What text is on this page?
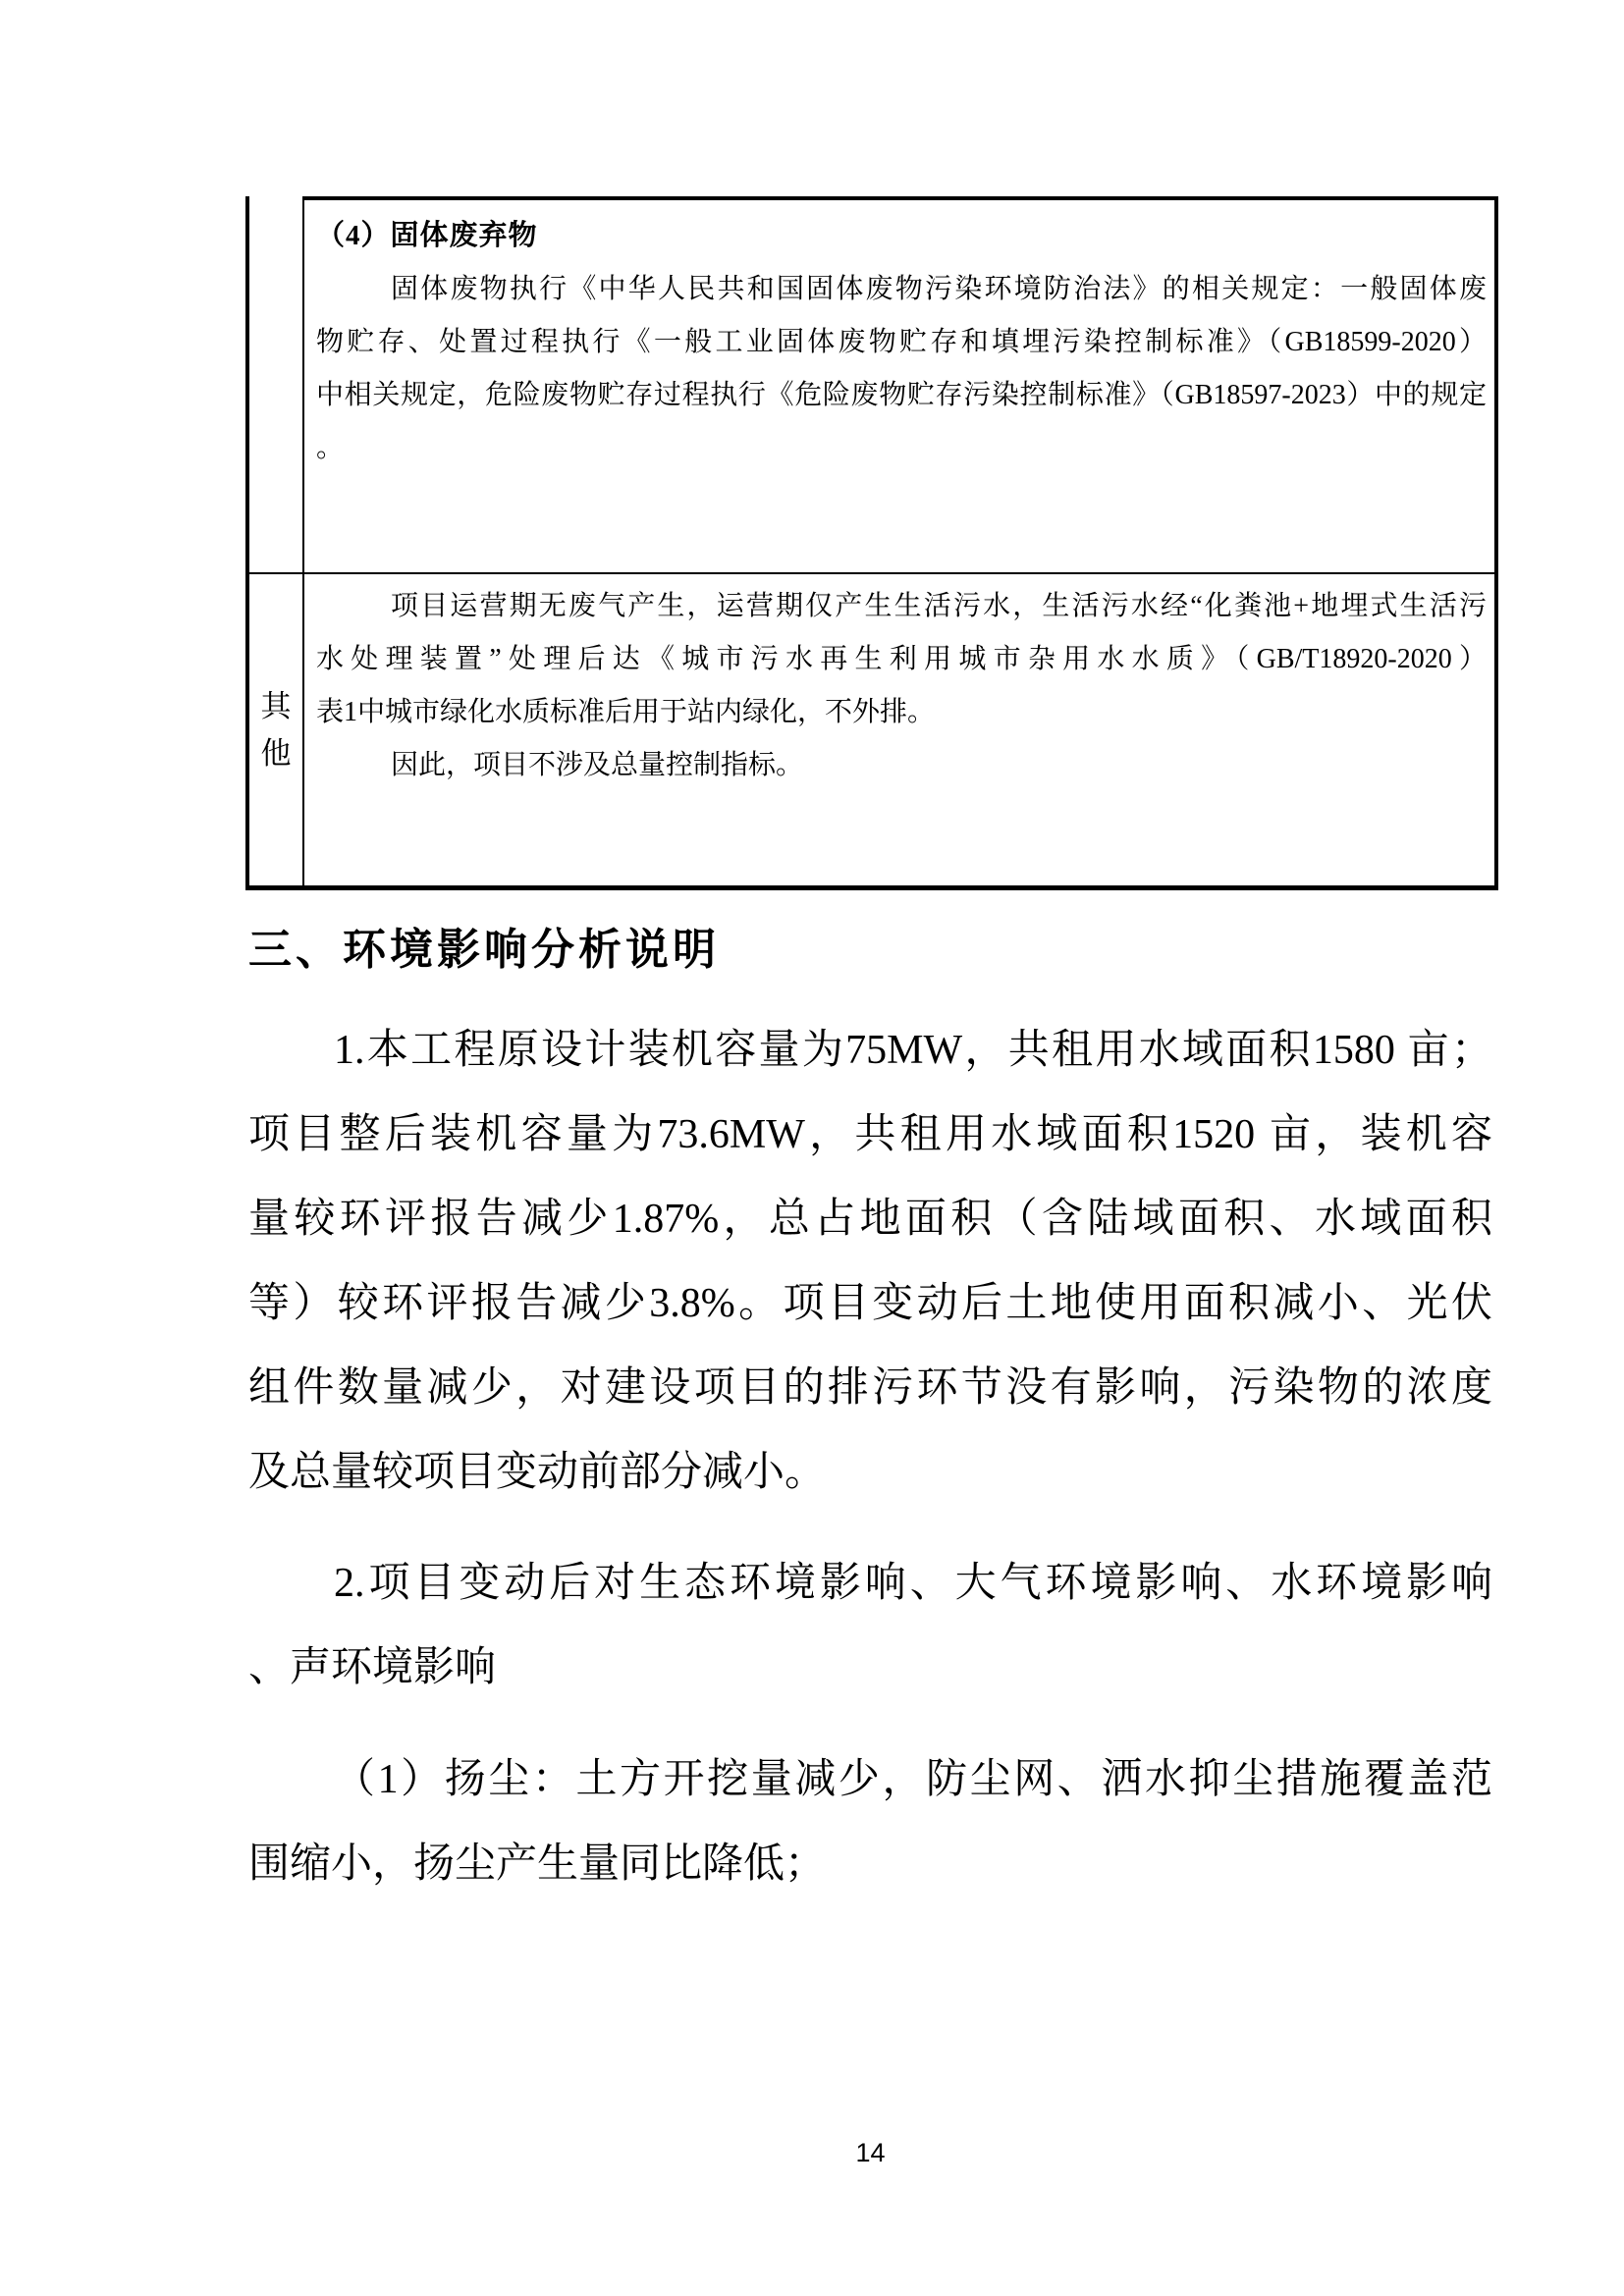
（4）固体废弃物
固体废物执行《中华人民共和国固体废物污染环境防治法》的相关规定：一般固体废
物贮存、处置过程执行《一般工业固体废物贮存和填埋污染控制标准》（GB18599-2020）
中相关规定，危险废物贮存过程执行《危险废物贮存污染控制标准》（GB18597-2023）中的规定
。
其他
项目运营期无废气产生，运营期仅产生生活污水，生活污水经“化粪池+地埋式生活污
水处理装置”处理后达《城市污水再生利用城市杂用水水质》（GB/T18920-2020）
表1中城市绿化水质标准后用于站内绿化，不外排。
因此，项目不涉及总量控制指标。
三、环境影响分析说明
1.本工程原设计装机容量为75MW，共租用水域面积1580 亩；
项目整后装机容量为73.6MW，共租用水域面积1520 亩，装机容
量较环评报告减少1.87%，总占地面积（含陆域面积、水域面积
等）较环评报告减少3.8%。项目变动后土地使用面积减小、光伏
组件数量减少，对建设项目的排污环节没有影响，污染物的浓度
及总量较项目变动前部分减小。
2.项目变动后对生态环境影响、大气环境影响、水环境影响
、声环境影响
（1）扬尘：土方开挖量减少，防尘网、洒水抑尘措施覆盖范
围缩小，扬尘产生量同比降低；
14
